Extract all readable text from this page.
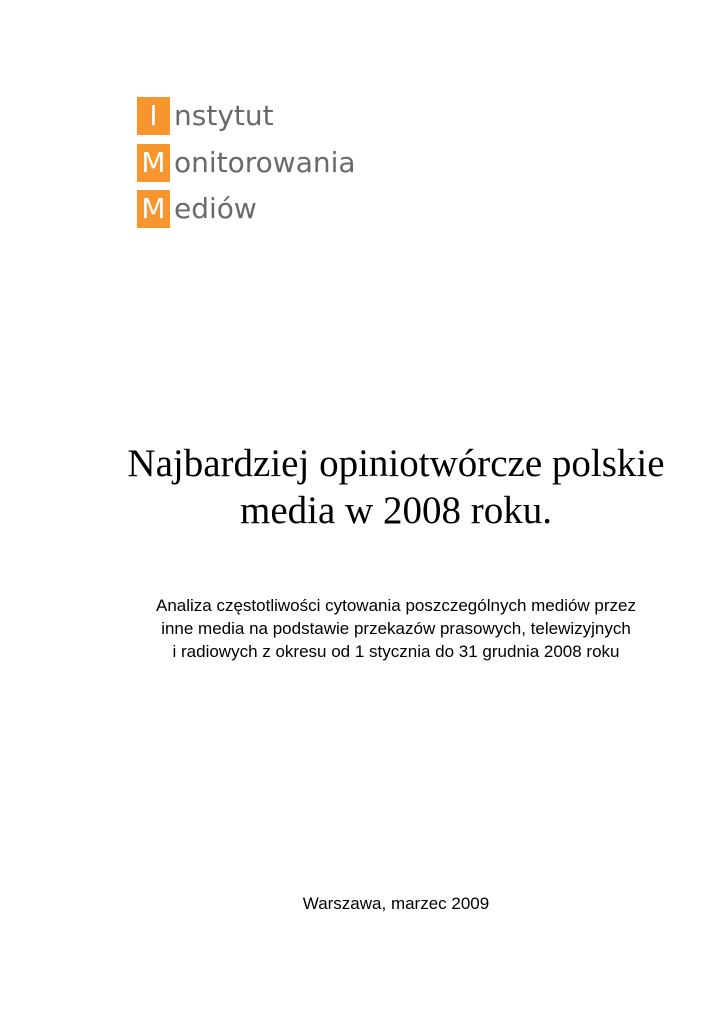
I nstytut
M onitorowania
M ediów
Najbardziej opiniotwórcze polskie
media w 2008 roku.
Analiza częstotliwości cytowania poszczególnych mediów przez
inne media na podstawie przekazów prasowych, telewizyjnych
i radiowych z okresu od 1 stycznia do 31 grudnia 2008 roku
Warszawa, marzec 2009
